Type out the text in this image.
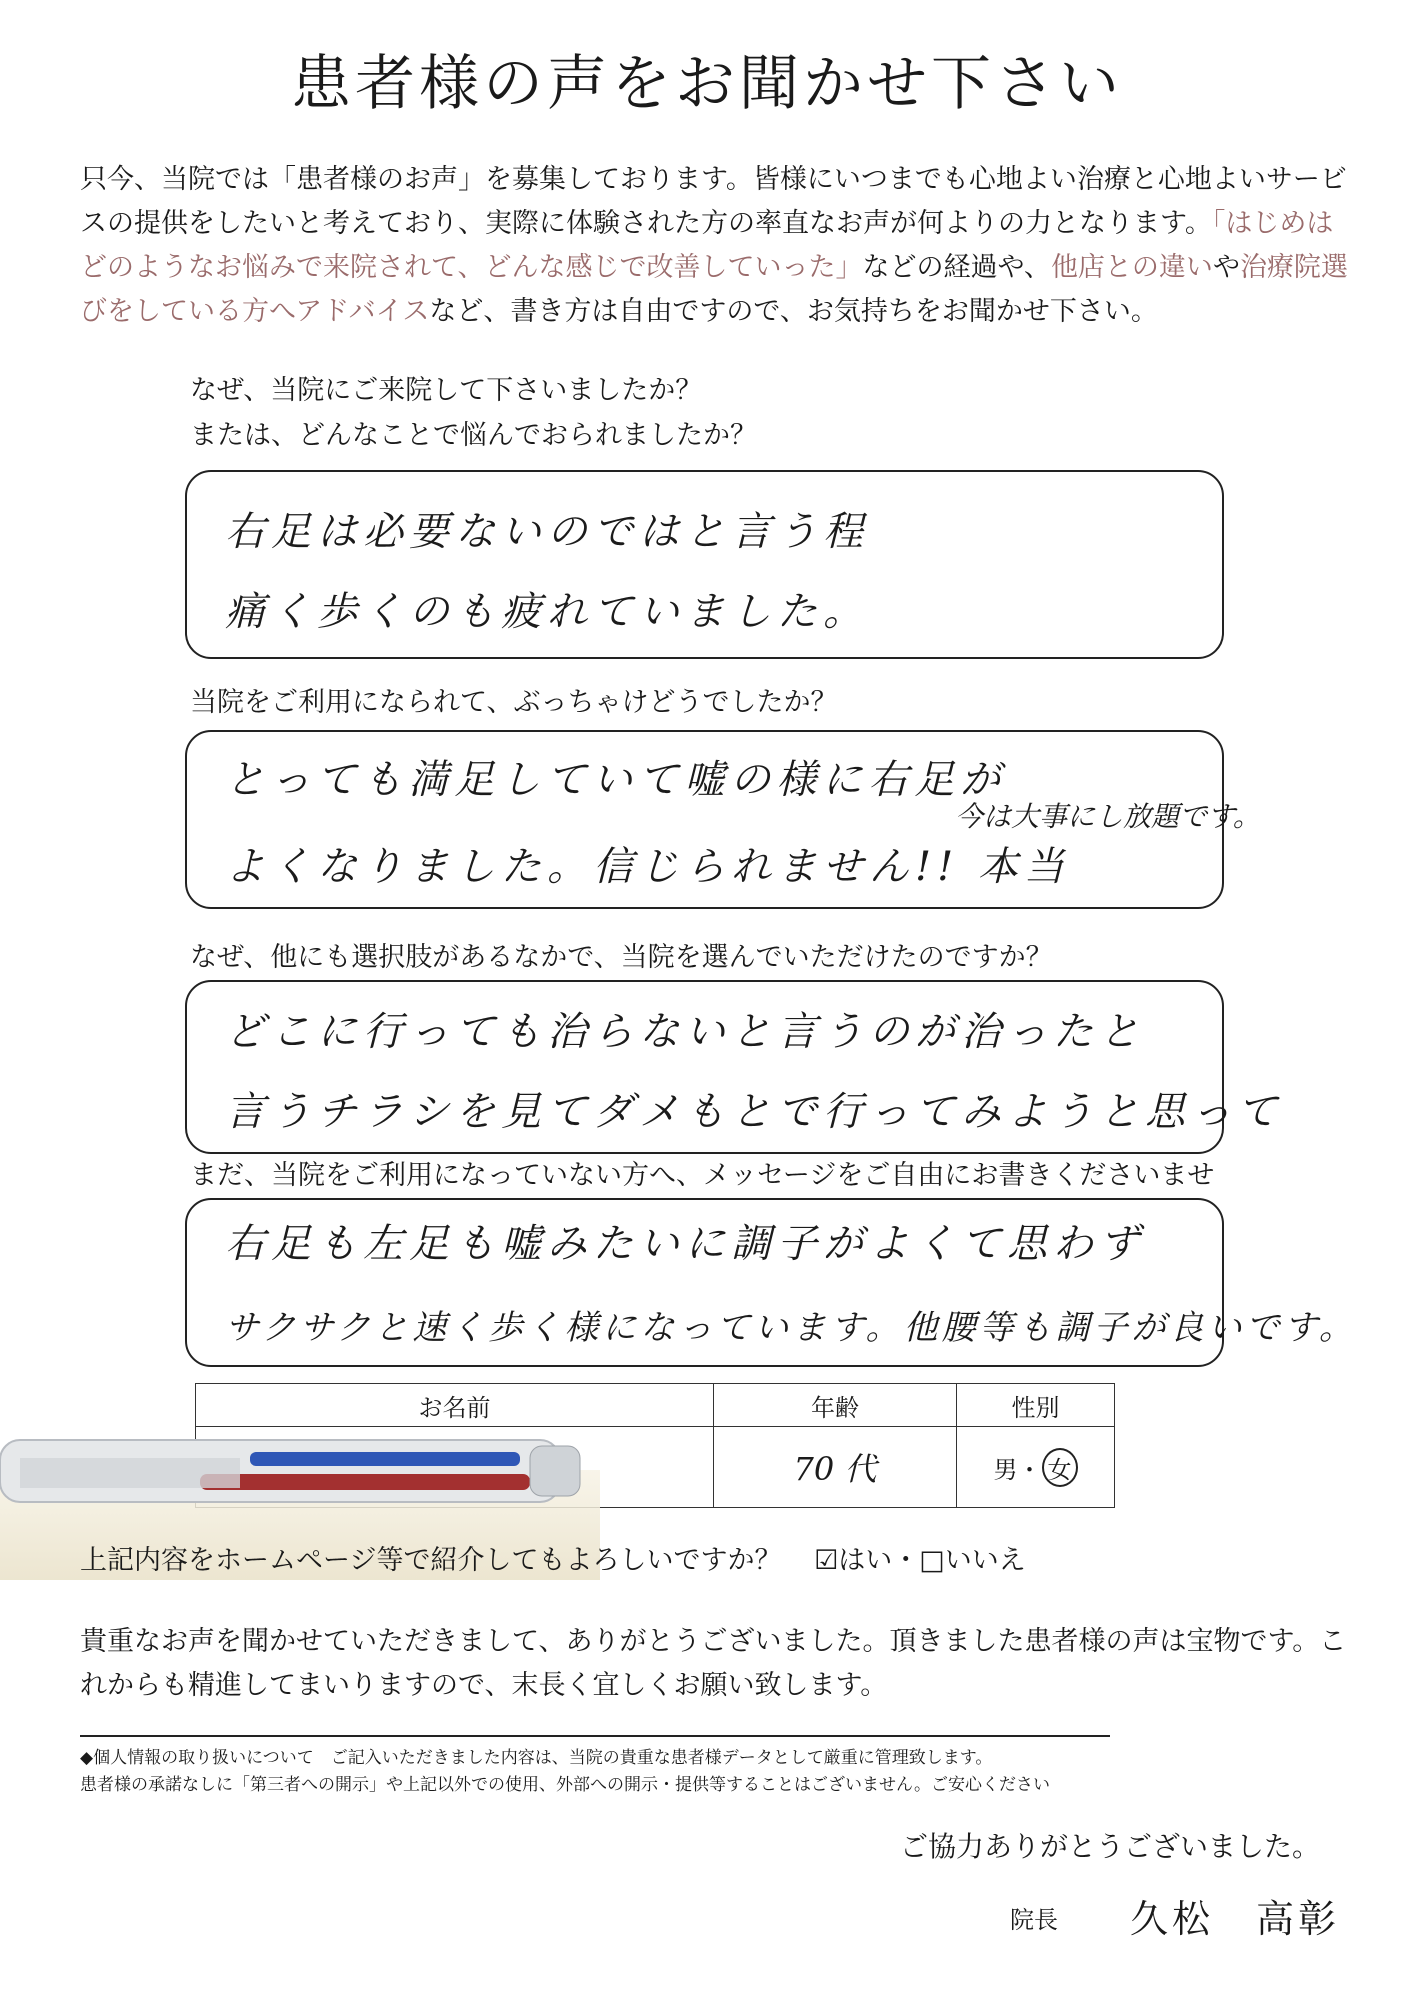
患者様の声をお聞かせ下さい
只今、当院では「患者様のお声」を募集しております。皆様にいつまでも心地よい治療と心地よいサービスの提供をしたいと考えており、実際に体験された方の率直なお声が何よりの力となります。「はじめはどのようなお悩みで来院されて、どんな感じで改善していった」などの経過や、他店との違いや治療院選びをしている方へアドバイスなど、書き方は自由ですので、お気持ちをお聞かせ下さい。
なぜ、当院にご来院して下さいましたか？
または、どんなことで悩んでおられましたか？
右足は必要ないのではと言う程
痛く歩くのも疲れていました。
当院をご利用になられて、ぶっちゃけどうでしたか？
とっても満足していて嘘の様に右足が
今は大事にし放題です。
よくなりました。信じられません!! 本当
なぜ、他にも選択肢があるなかで、当院を選んでいただけたのですか？
どこに行っても治らないと言うのが治ったと
言うチラシを見てダメもとで行ってみようと思って
まだ、当院をご利用になっていない方へ、メッセージをご自由にお書きくださいませ
右足も左足も嘘みたいに調子がよくて思わず
サクサクと速く歩く様になっています。他腰等も調子が良いです。
お名前	年齢	性別
	70 代	男・ 女
上記内容をホームページ等で紹介してもよろしいですか？ ☑はい・□いいえ
貴重なお声を聞かせていただきまして、ありがとうございました。頂きました患者様の声は宝物です。これからも精進してまいりますので、末長く宜しくお願い致します。
◆個人情報の取り扱いについて　ご記入いただきました内容は、当院の貴重な患者様データとして厳重に管理致します。
患者様の承諾なしに「第三者への開示」や上記以外での使用、外部への開示・提供等することはございません。ご安心ください
ご協力ありがとうございました。
院長 久松　高彰
